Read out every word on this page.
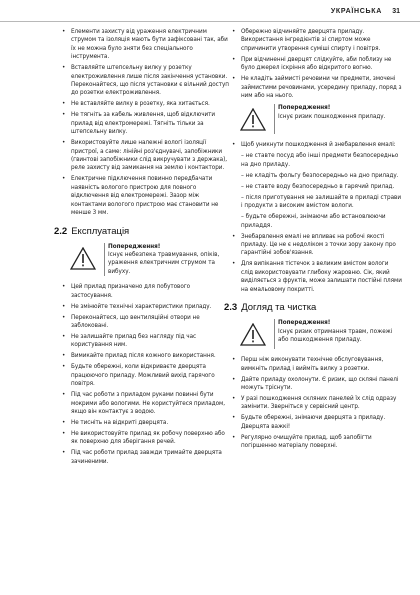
УКРАЇНСЬКА 31
• Елементи захисту від ураження електричним струмом та ізоляція мають бути зафіксовані так, аби їх не можна було зняти без спеціального інструмента.
• Вставляйте штепсельну вилку у розетку електроживлення лише після закінчення установки. Переконайтеся, що після установки є вільний доступ до розетки електроживлення.
• Не вставляйте вилку в розетку, яка хитається.
• Не тягніть за кабель живлення, щоб відключити прилад від електромережі. Тягніть тільки за штепсельну вилку.
• Використовуйте лише належні вологі ізоляції пристрої, а саме: лінійні роз'єднувачі, запобіжники (гвинтові запобіжники слід викручувати з держака), реле захисту від замикання на землю і контактори.
• Електричне підключення повинно передбачати наявність вологого пристрою для повного відключення від електромережі. Зазор між контактами вологого пристрою має становити не менше 3 мм.
2.2 Експлуатація
Попередження!
Існує небезпека травмування, опіків, ураження електричним струмом та вибуху.
• Цей прилад призначено для побутового застосування.
• Не змінюйте технічні характеристики приладу.
• Переконайтеся, що вентиляційні отвори не заблоковані.
• Не залишайте прилад без нагляду під час користування ним.
• Вимикайте прилад після кожного використання.
• Будьте обережні, коли відкриваєте дверцята працюючого приладу. Можливий вихід гарячого повітря.
• Під час роботи з приладом руками повинні бути мокрими або вологими. Не користуйтеся приладом, якщо він контактує з водою.
• Не тисніть на відкриті дверцята.
• Не використовуйте прилад як робочу поверхню або як поверхню для зберігання речей.
• Під час роботи прилад завжди тримайте дверцята зачиненими.
• Обережно відчиняйте дверцята приладу. Використання інгредієнтів зі спиртом може спричинити утворення суміші спирту і повітря.
• При відчиненні дверцят слідкуйте, аби поблизу не було джерел іскріння або відкритого вогню.
• Не кладіть займисті речовини чи предмети, змочені займистими речовинами, усередину приладу, поряд з ним або на нього.
Попередження!
Існує ризик пошкодження приладу.
• Щоб уникнути пошкодження й знебарвлення емалі:
– не ставте посуд або інші предмети безпосередньо на дно приладу.
– не кладіть фольгу безпосередньо на дно приладу.
– не ставте воду безпосередньо в гарячий прилад.
– після приготування не залишайте в приладі страви і продукти з високим вмістом вологи.
– будьте обережні, знімаючи або встановлюючи приладдя.
• Знебарвлення емалі не впливає на робочі якості приладу. Це не є недоліком з точки зору закону про гарантійні зобов'язання.
• Для випікання тістечок з великим вмістом вологи слід використовувати глибоку жаровню. Сік, який виділяється з фруктів, може залишати постійні плями на емальовому покритті.
2.3 Догляд та чистка
Попередження!
Існує ризик отримання травм, пожежі або пошкодження приладу.
• Перш ніж виконувати технічне обслуговування, вимкніть прилад і вийміть вилку з розетки.
• Дайте приладу охолонути. Є ризик, що скляні панелі можуть тріснути.
• У разі пошкодження скляних панелей їх слід одразу замінити. Зверніться у сервісний центр.
• Будьте обережні, знімаючи дверцята з приладу. Дверцята важкі!
• Регулярно очищуйте прилад, щоб запобігти погіршенню матеріалу поверхні.
